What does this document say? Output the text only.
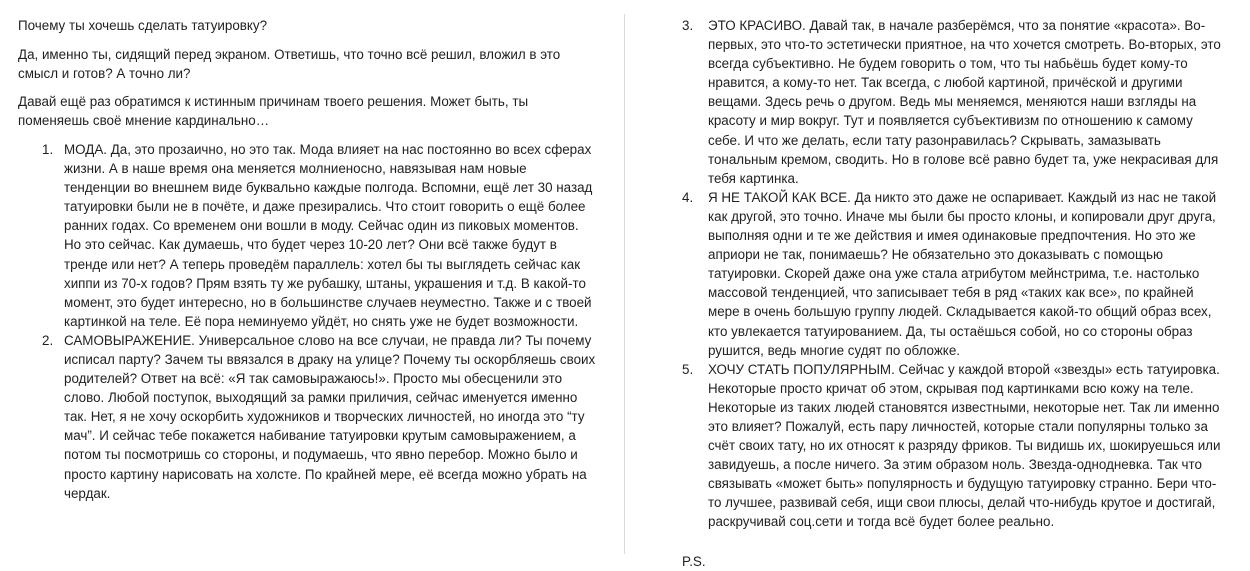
Почему ты хочешь сделать татуировку?

Да, именно ты, сидящий перед экраном. Ответишь, что точно всё решил, вложил в это смысл и готов? А точно ли?

Давай ещё раз обратимся к истинным причинам твоего решения. Может быть, ты поменяешь своё мнение кардинально…

1. МОДА. Да, это прозаично, но это так. Мода влияет на нас постоянно во всех сферах жизни. А в наше время она меняется молниеносно, навязывая нам новые тенденции во внешнем виде буквально каждые полгода. Вспомни, ещё лет 30 назад татуировки были не в почёте, и даже презирались. Что стоит говорить о ещё более ранних годах. Со временем они вошли в моду. Сейчас один из пиковых моментов. Но это сейчас. Как думаешь, что будет через 10-20 лет? Они всё также будут в тренде или нет? А теперь проведём параллель: хотел бы ты выглядеть сейчас как хиппи из 70-х годов? Прям взять ту же рубашку, штаны, украшения и т.д. В какой-то момент, это будет интересно, но в большинстве случаев неуместно. Также и с твоей картинкой на теле. Её пора неминуемо уйдёт, но снять уже не будет возможности.
2. САМОВЫРАЖЕНИЕ. Универсальное слово на все случаи, не правда ли? Ты почему исписал парту? Зачем ты ввязался в драку на улице? Почему ты оскорбляешь своих родителей? Ответ на всё: «Я так самовыражаюсь!». Просто мы обесценили это слово. Любой поступок, выходящий за рамки приличия, сейчас именуется именно так. Нет, я не хочу оскорбить художников и творческих личностей, но иногда это “ту мач”. И сейчас тебе покажется набивание татуировки крутым самовыражением, а потом ты посмотришь со стороны, и подумаешь, что явно перебор. Можно было и просто картину нарисовать на холсте. По крайней мере, её всегда можно убрать на чердак.
3. ЭТО КРАСИВО. Давай так, в начале разберёмся, что за понятие «красота». Во-первых, это что-то эстетически приятное, на что хочется смотреть. Во-вторых, это всегда субъективно. Не будем говорить о том, что ты набьёшь будет кому-то нравится, а кому-то нет. Так всегда, с любой картиной, причёской и другими вещами. Здесь речь о другом. Ведь мы меняемся, меняются наши взгляды на красоту и мир вокруг. Тут и появляется субъективизм по отношению к самому себе. И что же делать, если тату разонравилась? Скрывать, замазывать тональным кремом, сводить. Но в голове всё равно будет та, уже некрасивая для тебя картинка.
4. Я НЕ ТАКОЙ КАК ВСЕ. Да никто это даже не оспаривает. Каждый из нас не такой как другой, это точно. Иначе мы были бы просто клоны, и копировали друг друга, выполняя одни и те же действия и имея одинаковые предпочтения. Но это же априори не так, понимаешь? Не обязательно это доказывать с помощью татуировки. Скорей даже она уже стала атрибутом мейнстрима, т.е. настолько массовой тенденцией, что записывает тебя в ряд «таких как все», по крайней мере в очень большую группу людей. Складывается какой-то общий образ всех, кто увлекается татуированием. Да, ты остаёшься собой, но со стороны образ рушится, ведь многие судят по обложке.
5. ХОЧУ СТАТЬ ПОПУЛЯРНЫМ. Сейчас у каждой второй «звезды» есть татуировка. Некоторые просто кричат об этом, скрывая под картинками всю кожу на теле. Некоторые из таких людей становятся известными, некоторые нет. Так ли именно это влияет? Пожалуй, есть пару личностей, которые стали популярны только за счёт своих тату, но их относят к разряду фриков. Ты видишь их, шокируешься или завидуешь, а после ничего. За этим образом ноль. Звезда-однодневка. Так что связывать «может быть» популярность и будущую татуировку странно. Бери что-то лучшее, развивай себя, ищи свои плюсы, делай что-нибудь крутое и достигай, раскручивай соц.сети и тогда всё будет более реально.
P.S.
